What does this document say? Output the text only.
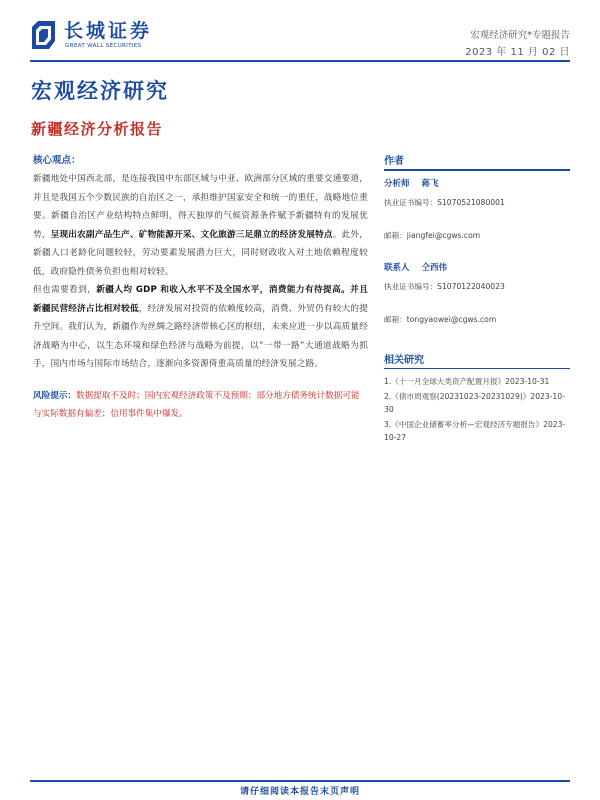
长城证券
GREAT WALL SECURITIES
宏观经济研究*专题报告
2023 年 11 月 02 日
宏观经济研究
新疆经济分析报告
核心观点：

新疆地处中国西北部，是连接我国中东部区域与中亚、欧洲部分区域的重要交通要道，并且是我国五个少数民族的自治区之一，承担维护国家安全和统一的重任，战略地位重要。新疆自治区产业结构特点鲜明，得天独厚的气候资源条件赋予新疆特有的发展优势，呈现出农副产品生产、矿物能源开采、文化旅游三足鼎立的经济发展特点。此外，新疆人口老龄化问题较轻，劳动要素发展潜力巨大，同时财政收入对土地依赖程度较低，政府隐性债务负担也相对较轻。

但也需要看到，新疆人均 GDP 和收入水平不及全国水平，消费能力有待提高。并且新疆民营经济占比相对较低，经济发展对投资的依赖度较高，消费、外贸仍有较大的提升空间。我们认为，新疆作为丝绸之路经济带核心区的枢纽，未来应进一步以高质量经济战略为中心，以生态环境和绿色经济与战略为前提，以“一带一路”大通道战略为抓手，国内市场与国际市场结合，逐渐向多资源倚重高质量的经济发展之路。

风险提示：数据提取不及时；国内宏观经济政策不及预期；部分地方债务统计数据可能与实际数据有偏差；信用事件集中爆发。
作者
分析师 蒋飞
执业证书编号：S1070521080001
邮箱：jiangfei@cgws.com
联系人 仝西伟
执业证书编号：S1070122040023
邮箱：tongyaowei@cgws.com
相关研究
1.《十一月全球大类资产配置月报》2023-10-31
2.《债市周观察(20231023-20231029)》2023-10-30
3.《中国企业储蓄率分析—宏观经济专题报告》2023-10-27
请仔细阅读本报告末页声明
